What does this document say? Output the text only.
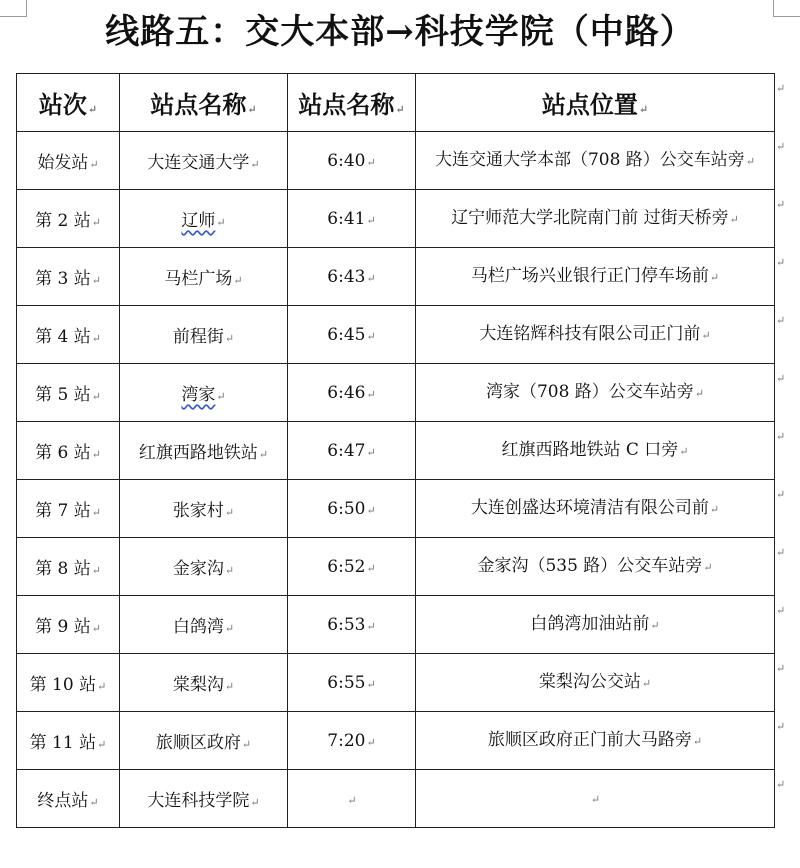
线路五：交大本部→科技学院（中路）
站次↵	站点名称↵	站点名称↵	站点位置↵
始发站↵	大连交通大学↵	6:40↵	大连交通大学本部（708 路）公交车站旁↵
第 2 站↵	辽师↵	6:41↵	辽宁师范大学北院南门前 过街天桥旁↵
第 3 站↵	马栏广场↵	6:43↵	马栏广场兴业银行正门停车场前↵
第 4 站↵	前程街↵	6:45↵	大连铭辉科技有限公司正门前↵
第 5 站↵	湾家↵	6:46↵	湾家（708 路）公交车站旁↵
第 6 站↵	红旗西路地铁站↵	6:47↵	红旗西路地铁站 C 口旁↵
第 7 站↵	张家村↵	6:50↵	大连创盛达环境清洁有限公司前↵
第 8 站↵	金家沟↵	6:52↵	金家沟（535 路）公交车站旁↵
第 9 站↵	白鸽湾↵	6:53↵	白鸽湾加油站前↵
第 10 站↵	棠梨沟↵	6:55↵	棠梨沟公交站↵
第 11 站↵	旅顺区政府↵	7:20↵	旅顺区政府正门前大马路旁↵
终点站↵	大连科技学院↵	↵	↵
↵
↵
↵
↵
↵
↵
↵
↵
↵
↵
↵
↵
↵
